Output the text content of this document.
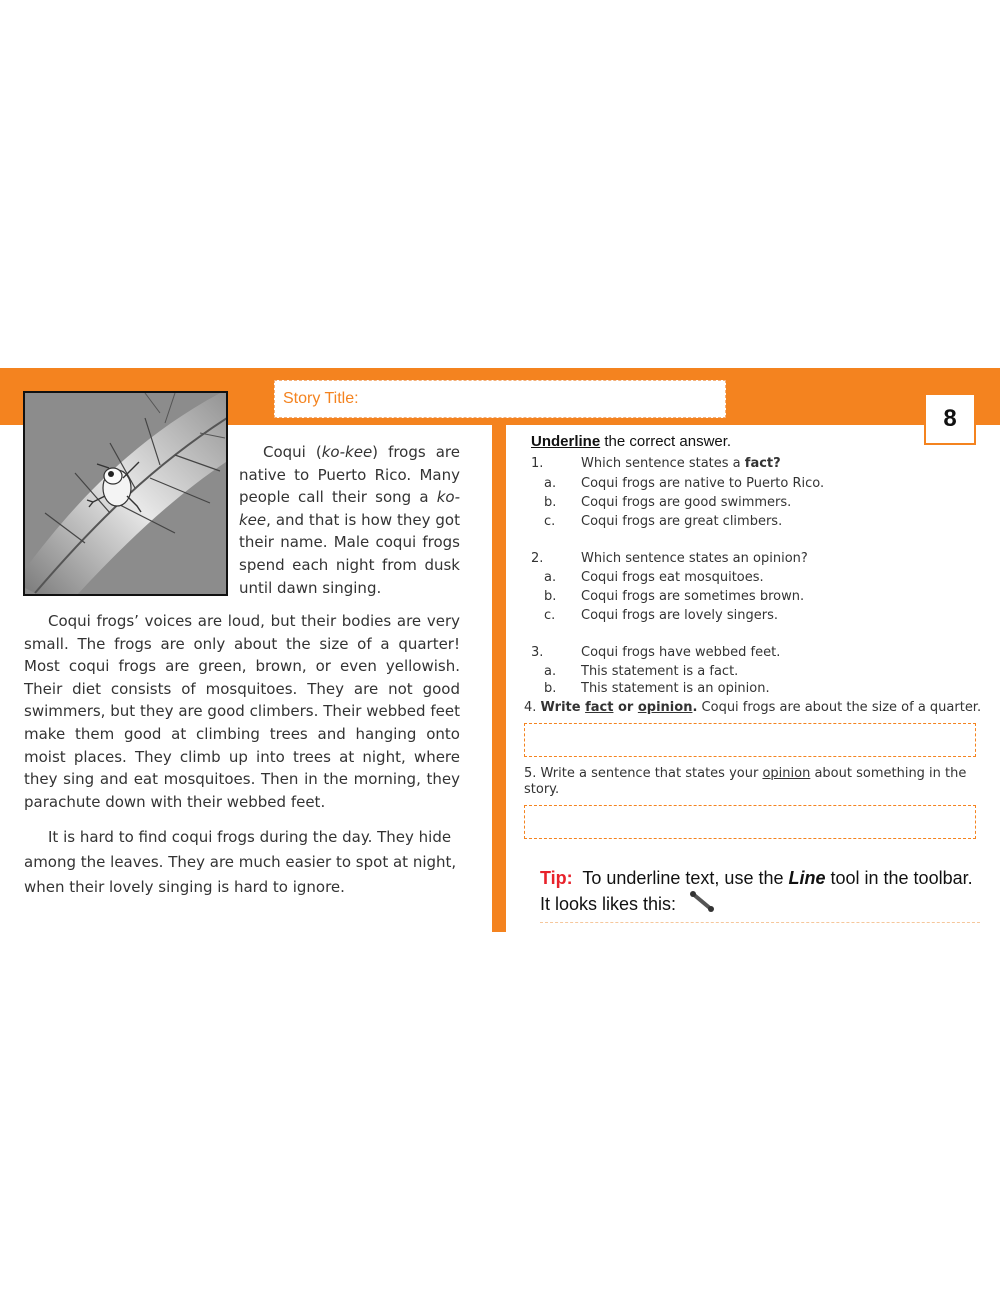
Story Title:
8
Coqui (ko-kee) frogs are native to Puerto Rico. Many people call their song a ko-kee, and that is how they got their name. Male coqui frogs spend each night from dusk until dawn singing.
Coqui frogs’ voices are loud, but their bodies are very small. The frogs are only about the size of a quarter! Most coqui frogs are green, brown, or even yellowish. Their diet consists of mosquitoes. They are not good swimmers, but they are good climbers. Their webbed feet make them good at climbing trees and hanging onto moist places. They climb up into trees at night, where they sing and eat mosquitoes. Then in the morning, they parachute down with their webbed feet.
It is hard to find coqui frogs during the day. They hide among the leaves. They are much easier to spot at night, when their lovely singing is hard to ignore.
Underline the correct answer.
1.	Which sentence states a fact?
a. Coqui frogs are native to Puerto Rico.
b. Coqui frogs are good swimmers.
c. Coqui frogs are great climbers.
2.	Which sentence states an opinion?
a. Coqui frogs eat mosquitoes.
b. Coqui frogs are sometimes brown.
c. Coqui frogs are lovely singers.
3.	Coqui frogs have webbed feet.
a. This statement is a fact.
b. This statement is an opinion.
4. Write fact or opinion. Coqui frogs are about the size of a quarter.
5. Write a sentence that states your opinion about something in the story.
Tip:  To underline text, use the Line tool in the toolbar. It looks likes this:
